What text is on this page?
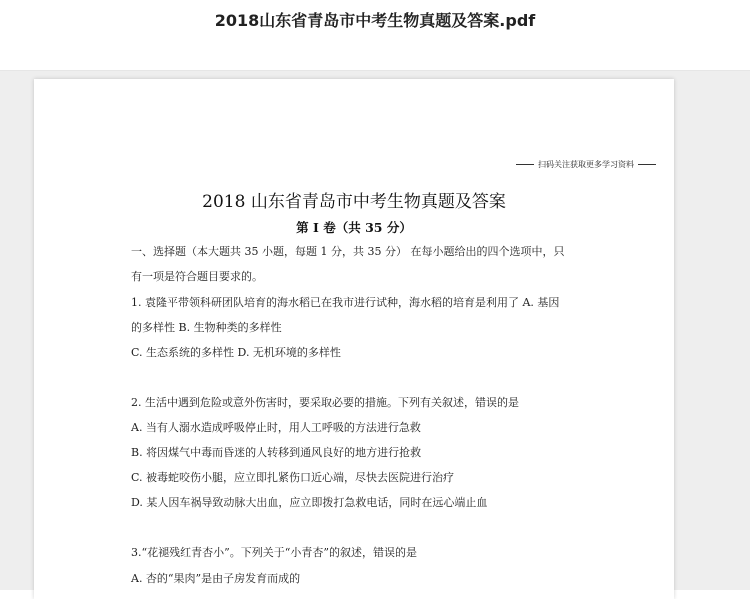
2018山东省青岛市中考生物真题及答案.pdf
扫码关注获取更多学习资料
2018 山东省青岛市中考生物真题及答案
第 I 卷（共 35 分）
一、选择题（本大题共 35 小题，每题 1 分，共 35 分） 在每小题给出的四个选项中，只
有一项是符合题目要求的。
1. 袁隆平带领科研团队培育的海水稻已在我市进行试种，海水稻的培育是利用了 A. 基因
的多样性 B. 生物种类的多样性
C. 生态系统的多样性 D. 无机环境的多样性
2. 生活中遇到危险或意外伤害时，要采取必要的措施。下列有关叙述，错误的是
A. 当有人溺水造成呼吸停止时，用人工呼吸的方法进行急救
B. 将因煤气中毒而昏迷的人转移到通风良好的地方进行抢救
C. 被毒蛇咬伤小腿，应立即扎紧伤口近心端，尽快去医院进行治疗
D. 某人因车祸导致动脉大出血，应立即拨打急救电话，同时在远心端止血
3.“花褪残红青杏小”。下列关于“小青杏”的叙述，错误的是
A. 杏的“果肉”是由子房发育而成的
